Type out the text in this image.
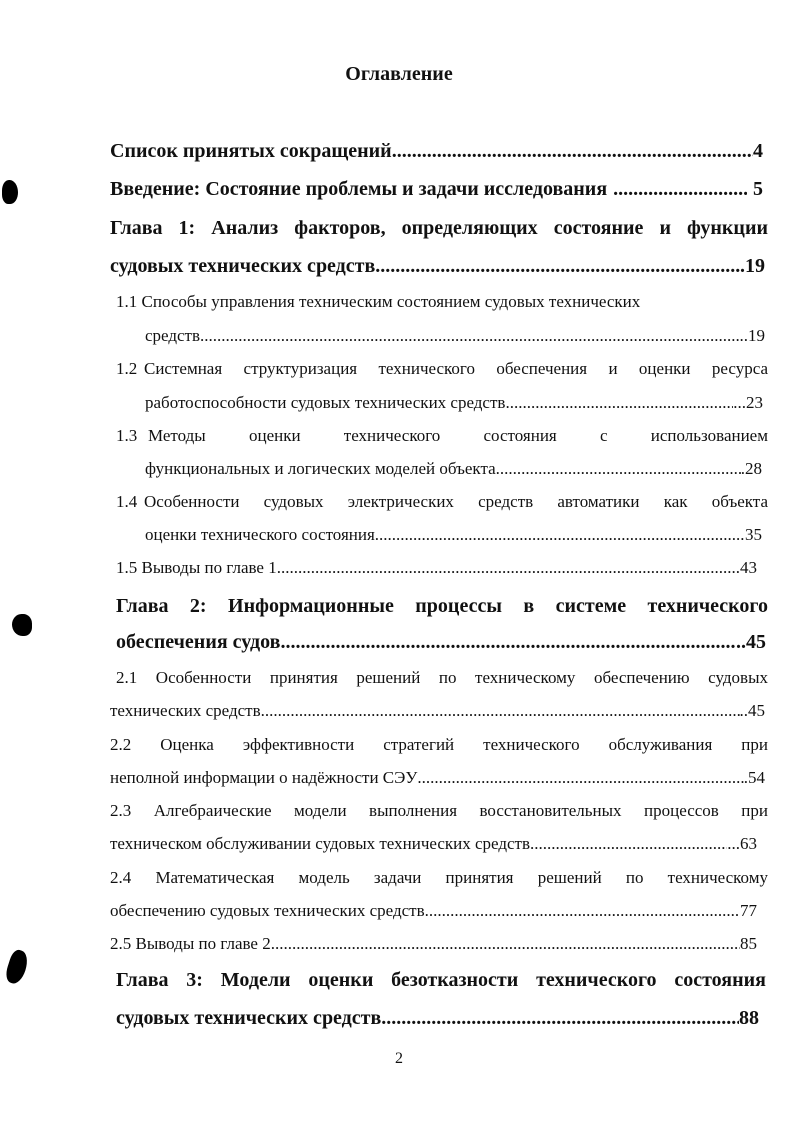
Оглавление
Список принятых сокращений .....	4
Введение: Состояние проблемы и задачи исследования .....	5
Глава 1: Анализ факторов, определяющих состояние и функции
судовых технических средств .....	.19
1.1 Способы управления техническим состоянием судовых технических
средств .....	..19
1.2 Системная структуризация технического обеспечения и оценки ресурса
работоспособности судовых технических средств .....	...23
1.3 Методы оценки технического состояния с использованием
функциональных и логических моделей объекта .....	.28
1.4 Особенности судовых электрических средств автоматики как объекта
оценки технического состояния .....	35
1.5 Выводы по главе 1 .....	..43
Глава 2: Информационные процессы в системе технического
обеспечения судов .....	..45
2.1 Особенности принятия решений по техническому обеспечению судовых
технических средств .....	..45
2.2 Оценка эффективности стратегий технического обслуживания при
неполной информации о надёжности СЭУ .....	.54
2.3 Алгебраические модели выполнения восстановительных процессов при
техническом обслуживании судовых технических средств .....	...63
2.4 Математическая модель задачи принятия решений по техническому
обеспечению судовых технических средств .....	77
2.5 Выводы по главе 2 .....	85
Глава 3: Модели оценки безотказности технического состояния
судовых технических средств .....	88
2
